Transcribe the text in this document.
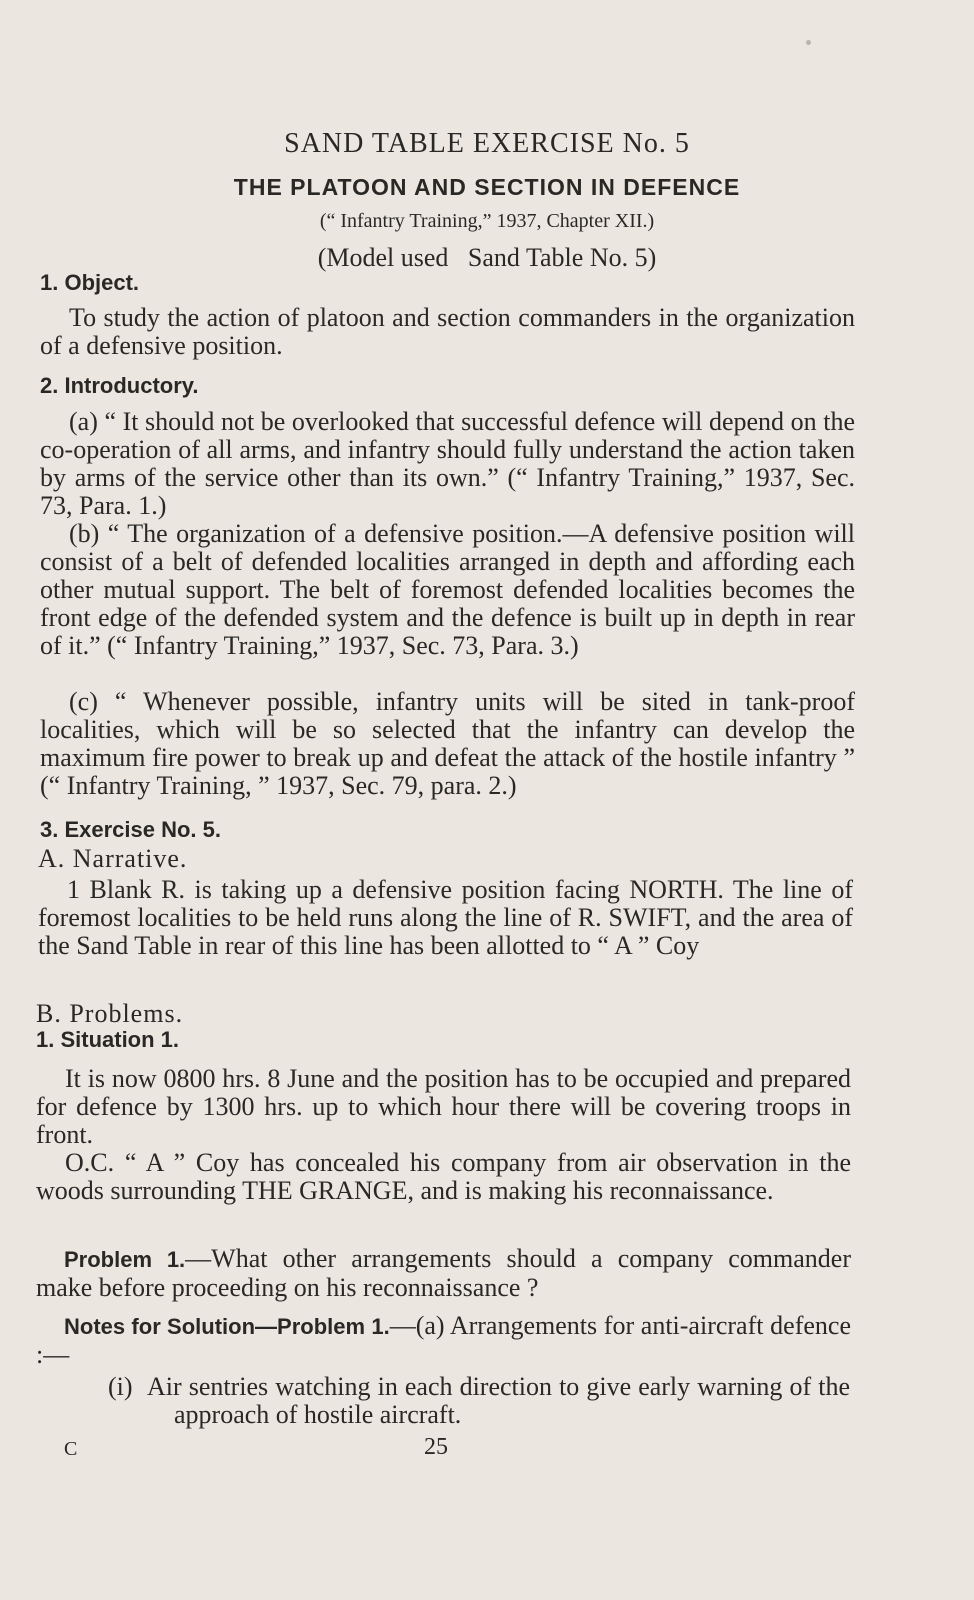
SAND TABLE EXERCISE No. 5

THE PLATOON AND SECTION IN DEFENCE

(“ Infantry Training,” 1937, Chapter XII.)

(Model used   Sand Table No. 5)

1. Object.

To study the action of platoon and section commanders in the organization of a defensive position.

2. Introductory.

(a) “ It should not be overlooked that successful defence will depend on the co-operation of all arms, and infantry should fully understand the action taken by arms of the service other than its own.” (“ Infantry Training,” 1937, Sec. 73, Para. 1.)

(b) “ The organization of a defensive position.—A defensive position will consist of a belt of defended localities arranged in depth and affording each other mutual support. The belt of foremost defended localities becomes the front edge of the defended system and the defence is built up in depth in rear of it.” (“ Infantry Training,” 1937, Sec. 73, Para. 3.)

(c) “ Whenever possible, infantry units will be sited in tank-proof localities, which will be so selected that the infantry can develop the maximum fire power to break up and defeat the attack of the hostile infantry ” (“ Infantry Training, ” 1937, Sec. 79, para. 2.)

3. Exercise No. 5.

A. Narrative.

1 Blank R. is taking up a defensive position facing NORTH. The line of foremost localities to be held runs along the line of R. SWIFT, and the area of the Sand Table in rear of this line has been allotted to “ A ” Coy

B. Problems.

1. Situation 1.

It is now 0800 hrs. 8 June and the position has to be occupied and prepared for defence by 1300 hrs. up to which hour there will be covering troops in front.

O.C. “ A ” Coy has concealed his company from air observation in the woods surrounding THE GRANGE, and is making his reconnaissance.

Problem 1.—What other arrangements should a company commander make before proceeding on his reconnaissance ?

Notes for Solution—Problem 1.—(a) Arrangements for anti-aircraft defence :—

(i) Air sentries watching in each direction to give early warning of the approach of hostile aircraft.

C	25
